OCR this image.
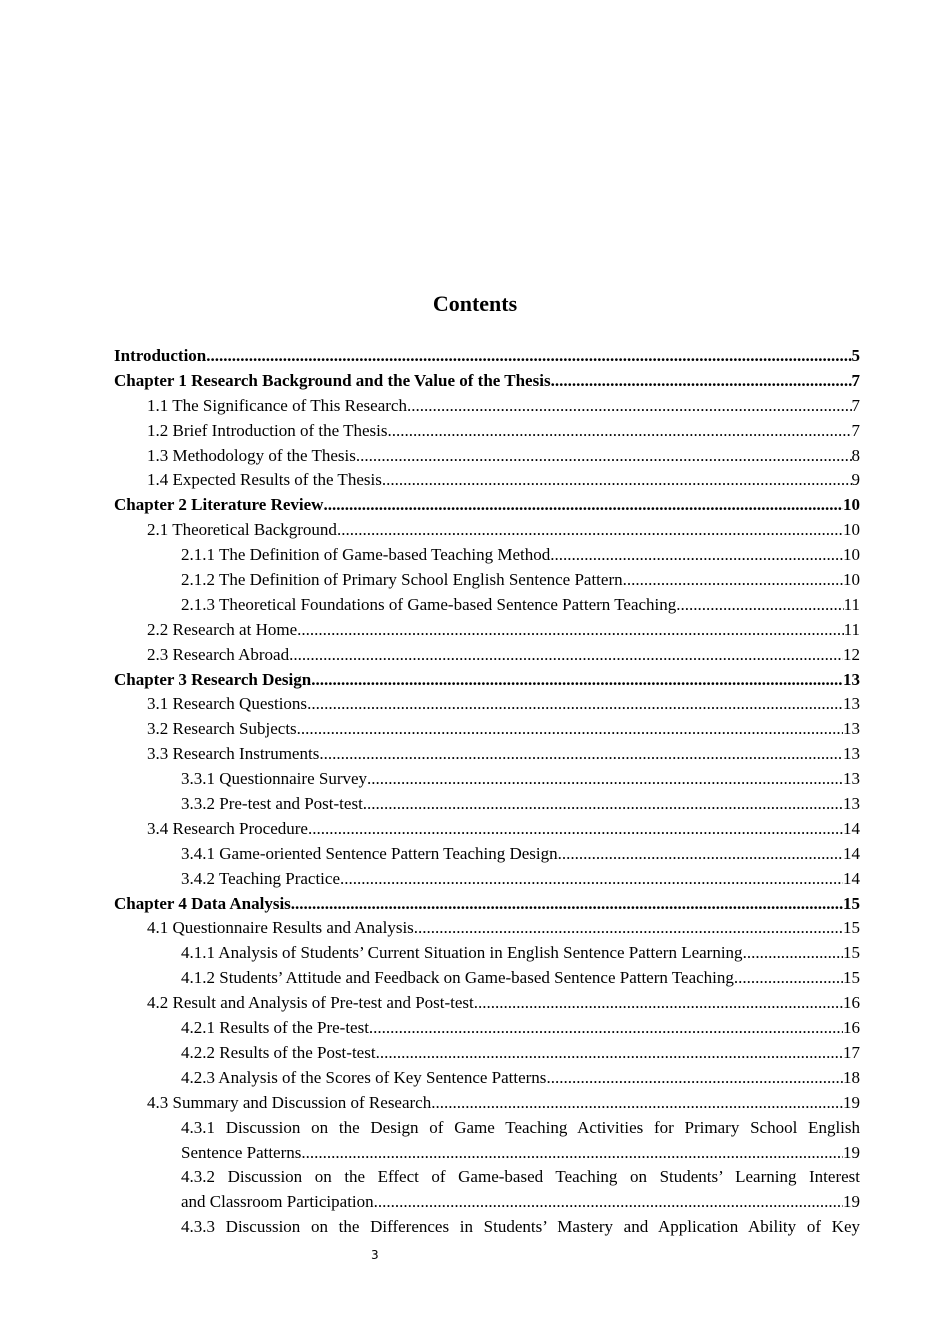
Contents
Introduction .....	5
Chapter 1 Research Background and the Value of the Thesis .....	7
1.1 The Significance of This Research .....	7
1.2 Brief Introduction of the Thesis .....	7
1.3 Methodology of the Thesis .....	8
1.4 Expected Results of the Thesis .....	9
Chapter 2 Literature Review .....	10
2.1 Theoretical Background .....	10
2.1.1 The Definition of Game-based Teaching Method .....	10
2.1.2 The Definition of Primary School English Sentence Pattern .....	10
2.1.3 Theoretical Foundations of Game-based Sentence Pattern Teaching .....	11
2.2 Research at Home .....	11
2.3 Research Abroad .....	12
Chapter 3 Research Design .....	13
3.1 Research Questions .....	13
3.2 Research Subjects .....	13
3.3 Research Instruments .....	13
3.3.1 Questionnaire Survey .....	13
3.3.2 Pre-test and Post-test .....	13
3.4 Research Procedure .....	14
3.4.1 Game-oriented Sentence Pattern Teaching Design .....	14
3.4.2 Teaching Practice .....	14
Chapter 4 Data Analysis .....	15
4.1 Questionnaire Results and Analysis .....	15
4.1.1 Analysis of Students’ Current Situation in English Sentence Pattern Learning .....	15
4.1.2 Students’ Attitude and Feedback on Game-based Sentence Pattern Teaching .....	15
4.2 Result and Analysis of Pre-test and Post-test .....	16
4.2.1 Results of the Pre-test .....	16
4.2.2 Results of the Post-test .....	17
4.2.3 Analysis of the Scores of Key Sentence Patterns .....	18
4.3 Summary and Discussion of Research .....	19
4.3.1 Discussion on the Design of Game Teaching Activities for Primary School English
Sentence Patterns .....	19
4.3.2 Discussion on the Effect of Game-based Teaching on Students’ Learning Interest
and Classroom Participation .....	19
4.3.3 Discussion on the Differences in Students’ Mastery and Application Ability of Key
3
